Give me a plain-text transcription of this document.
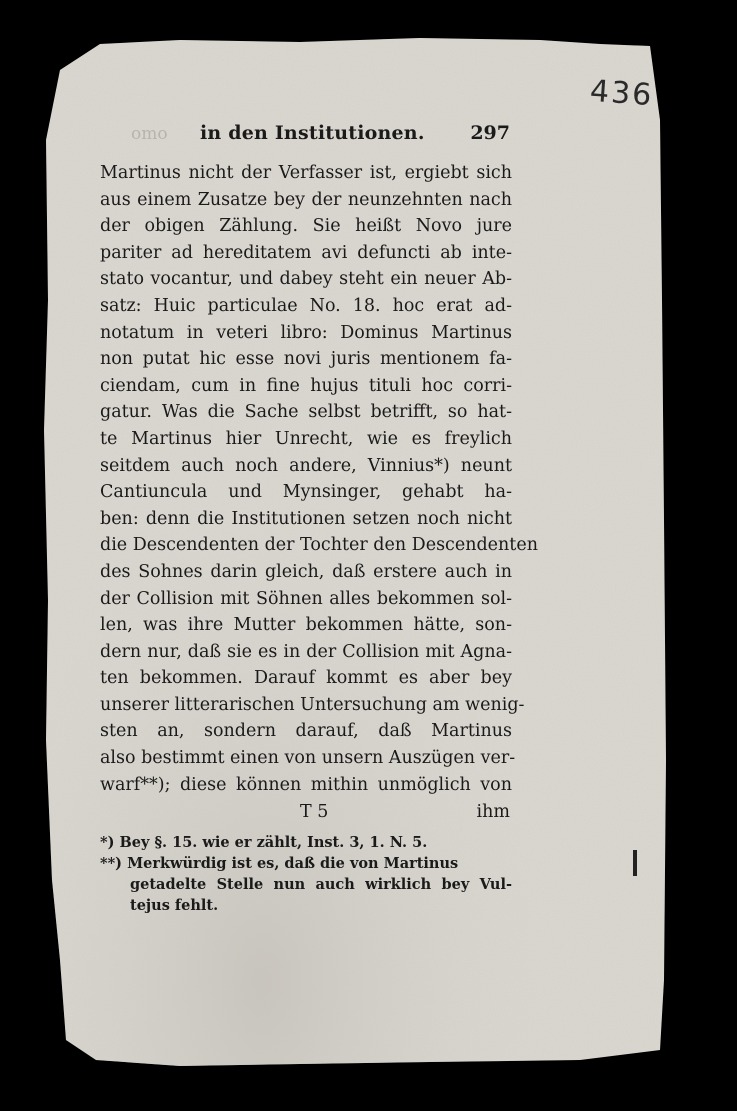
436
omo in den Institutionen. 297
Martinus nicht der Verfasser ist, ergiebt sich
aus einem Zusatze bey der neunzehnten nach
der obigen Zählung. Sie heißt Novo jure
pariter ad hereditatem avi defuncti ab inte-
stato vocantur, und dabey steht ein neuer Ab-
satz: Huic particulae No. 18. hoc erat ad-
notatum in veteri libro: Dominus Martinus
non putat hic esse novi juris mentionem fa-
ciendam, cum in fine hujus tituli hoc corri-
gatur. Was die Sache selbst betrifft, so hat-
te Martinus hier Unrecht, wie es freylich
seitdem auch noch andere, Vinnius*) neunt
Cantiuncula und Mynsinger, gehabt ha-
ben: denn die Institutionen setzen noch nicht
die Descendenten der Tochter den Descendenten
des Sohnes darin gleich, daß erstere auch in
der Collision mit Söhnen alles bekommen sol-
len, was ihre Mutter bekommen hätte, son-
dern nur, daß sie es in der Collision mit Agna-
ten bekommen. Darauf kommt es aber bey
unserer litterarischen Untersuchung am wenig-
sten an, sondern darauf, daß Martinus
also bestimmt einen von unsern Auszügen ver-
warf**); diese können mithin unmöglich von
T 5	ihm
*) Bey §. 15. wie er zählt, Inst. 3, 1. N. 5.
**) Merkwürdig ist es, daß die von Martinus
getadelte Stelle nun auch wirklich bey Vul-
tejus fehlt.
